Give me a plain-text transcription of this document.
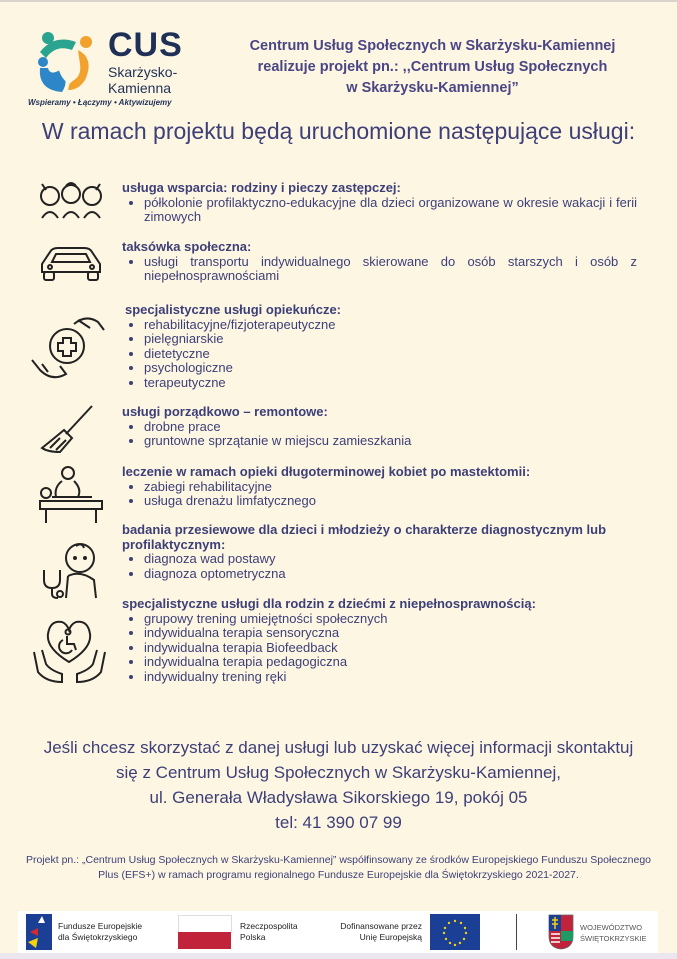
CUS
Skarżysko-
Kamienna
Wspieramy • Łączymy • Aktywizujemy
Centrum Usług Społecznych w Skarżysku-Kamiennej
realizuje projekt pn.: ,,Centrum Usług Społecznych
w Skarżysku-Kamiennej”
W ramach projektu będą uruchomione następujące usługi:
usługa wsparcia: rodziny i pieczy zastępczej:
• półkolonie profilaktyczno-edukacyjne dla dzieci organizowane w okresie wakacji i ferii zimowych
taksówka społeczna:
• usługi transportu indywidualnego skierowane do osób starszych i osób z niepełnosprawnościami
specjalistyczne usługi opiekuńcze:
• rehabilitacyjne/fizjoterapeutyczne
• pielęgniarskie
• dietetyczne
• psychologiczne
• terapeutyczne
usługi porządkowo – remontowe:
• drobne prace
• gruntowne sprzątanie w miejscu zamieszkania
leczenie w ramach opieki długoterminowej kobiet po mastektomii:
• zabiegi rehabilitacyjne
• usługa drenażu limfatycznego
badania przesiewowe dla dzieci i młodzieży o charakterze diagnostycznym lub profilaktycznym:
• diagnoza wad postawy
• diagnoza optometryczna
specjalistyczne usługi dla rodzin z dziećmi z niepełnosprawnością:
• grupowy trening umiejętności społecznych
• indywidualna terapia sensoryczna
• indywidualna terapia Biofeedback
• indywidualna terapia pedagogiczna
• indywidualny trening ręki
Jeśli chcesz skorzystać z danej usługi lub uzyskać więcej informacji skontaktuj
się z Centrum Usług Społecznych w Skarżysku-Kamiennej,
ul. Generała Władysława Sikorskiego 19, pokój 05
tel: 41 390 07 99
Projekt pn.: „Centrum Usług Społecznych w Skarżysku-Kamiennej” współfinsowany ze środków Europejskiego Funduszu Społecznego Plus (EFS+) w ramach programu regionalnego Fundusze Europejskie dla Świętokrzyskiego 2021-2027.
Fundusze Europejskie
dla Świętokrzyskiego
Rzeczpospolita
Polska
Dofinansowane przez
Unię Europejską
WOJEWÓDZTWO
ŚWIĘTOKRZYSKIE
